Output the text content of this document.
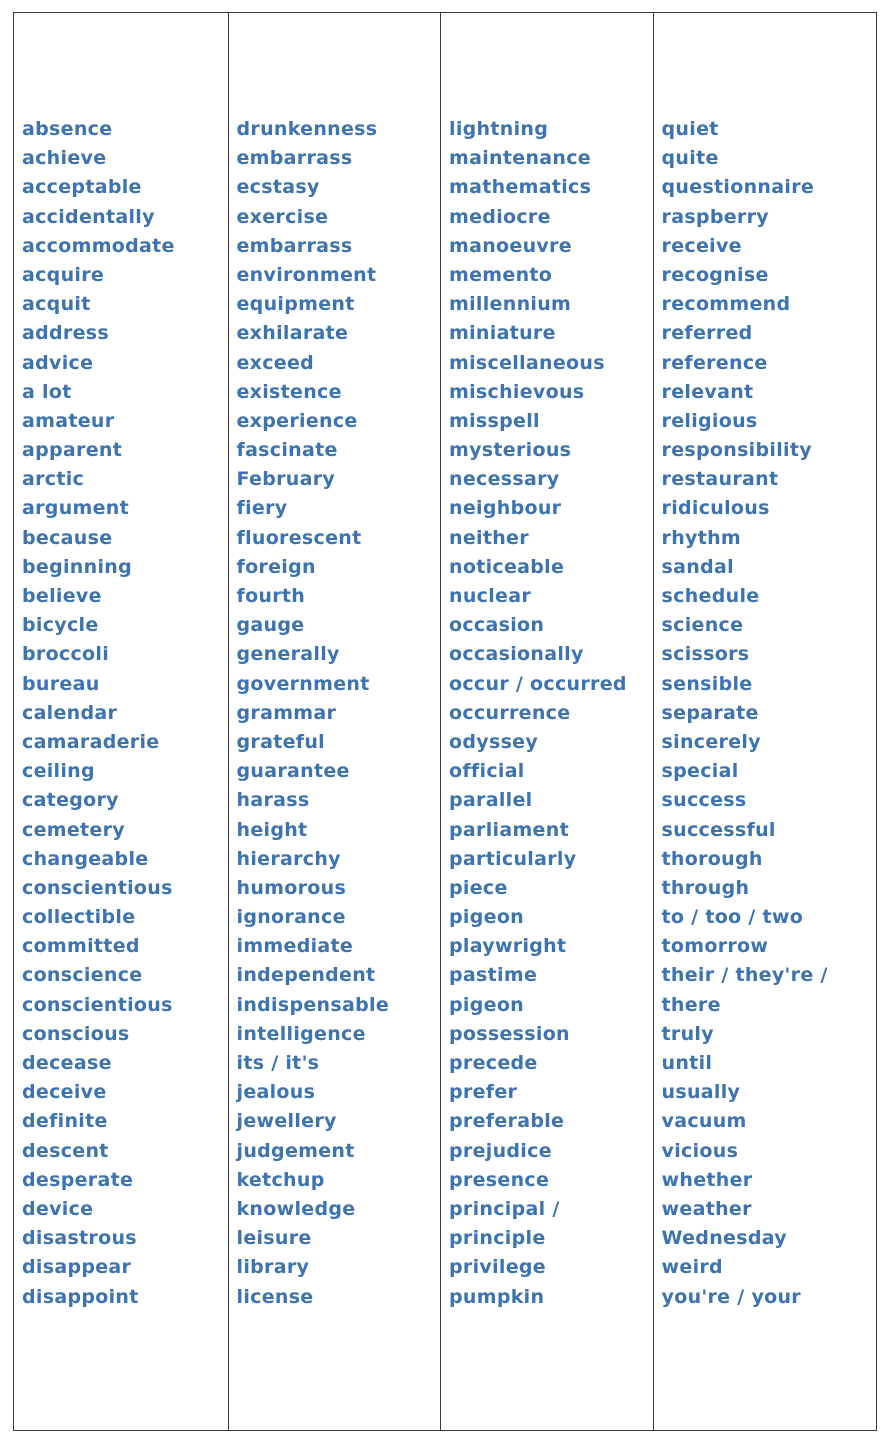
absence
achieve
acceptable
accidentally
accommodate
acquire
acquit
address
advice
a lot
amateur
apparent
arctic
argument
because
beginning
believe
bicycle
broccoli
bureau
calendar
camaraderie
ceiling
category
cemetery
changeable
conscientious
collectible
committed
conscience
conscientious
conscious
decease
deceive
definite
descent
desperate
device
disastrous
disappear
disappoint
drunkenness
embarrass
ecstasy
exercise
embarrass
environment
equipment
exhilarate
exceed
existence
experience
fascinate
February
fiery
fluorescent
foreign
fourth
gauge
generally
government
grammar
grateful
guarantee
harass
height
hierarchy
humorous
ignorance
immediate
independent
indispensable
intelligence
its / it's
jealous
jewellery
judgement
ketchup
knowledge
leisure
library
license
lightning
maintenance
mathematics
mediocre
manoeuvre
memento
millennium
miniature
miscellaneous
mischievous
misspell
mysterious
necessary
neighbour
neither
noticeable
nuclear
occasion
occasionally
occur / occurred
occurrence
odyssey
official
parallel
parliament
particularly
piece
pigeon
playwright
pastime
pigeon
possession
precede
prefer
preferable
prejudice
presence
principal /
principle
privilege
pumpkin
quiet
quite
questionnaire
raspberry
receive
recognise
recommend
referred
reference
relevant
religious
responsibility
restaurant
ridiculous
rhythm
sandal
schedule
science
scissors
sensible
separate
sincerely
special
success
successful
thorough
through
to / too / two
tomorrow
their / they're /
there
truly
until
usually
vacuum
vicious
whether
weather
Wednesday
weird
you're / your
